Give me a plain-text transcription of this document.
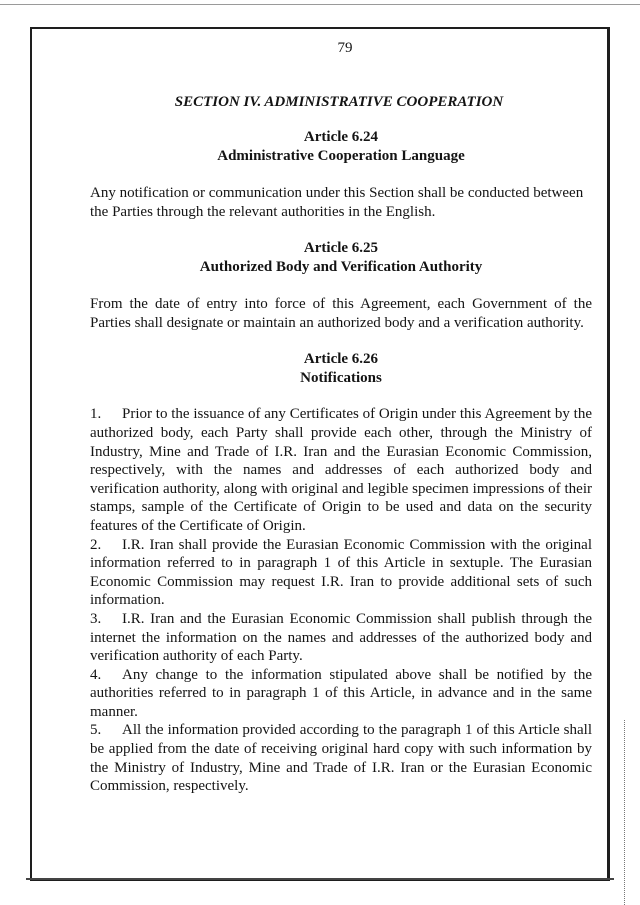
79
SECTION IV. ADMINISTRATIVE COOPERATION
Article 6.24
Administrative Cooperation Language

Any notification or communication under this Section shall be conducted between the Parties through the relevant authorities in the English.

Article 6.25
Authorized Body and Verification Authority

From the date of entry into force of this Agreement, each Government of the Parties shall designate or maintain an authorized body and a verification authority.

Article 6.26
Notifications

1. Prior to the issuance of any Certificates of Origin under this Agreement by the authorized body, each Party shall provide each other, through the Ministry of Industry, Mine and Trade of I.R. Iran and the Eurasian Economic Commission, respectively, with the names and addresses of each authorized body and verification authority, along with original and legible specimen impressions of their stamps, sample of the Certificate of Origin to be used and data on the security features of the Certificate of Origin.

2. I.R. Iran shall provide the Eurasian Economic Commission with the original information referred to in paragraph 1 of this Article in sextuple. The Eurasian Economic Commission may request I.R. Iran to provide additional sets of such information.

3. I.R. Iran and the Eurasian Economic Commission shall publish through the internet the information on the names and addresses of the authorized body and verification authority of each Party.

4. Any change to the information stipulated above shall be notified by the authorities referred to in paragraph 1 of this Article, in advance and in the same manner.

5. All the information provided according to the paragraph 1 of this Article shall be applied from the date of receiving original hard copy with such information by the Ministry of Industry, Mine and Trade of I.R. Iran or the Eurasian Economic Commission, respectively.
